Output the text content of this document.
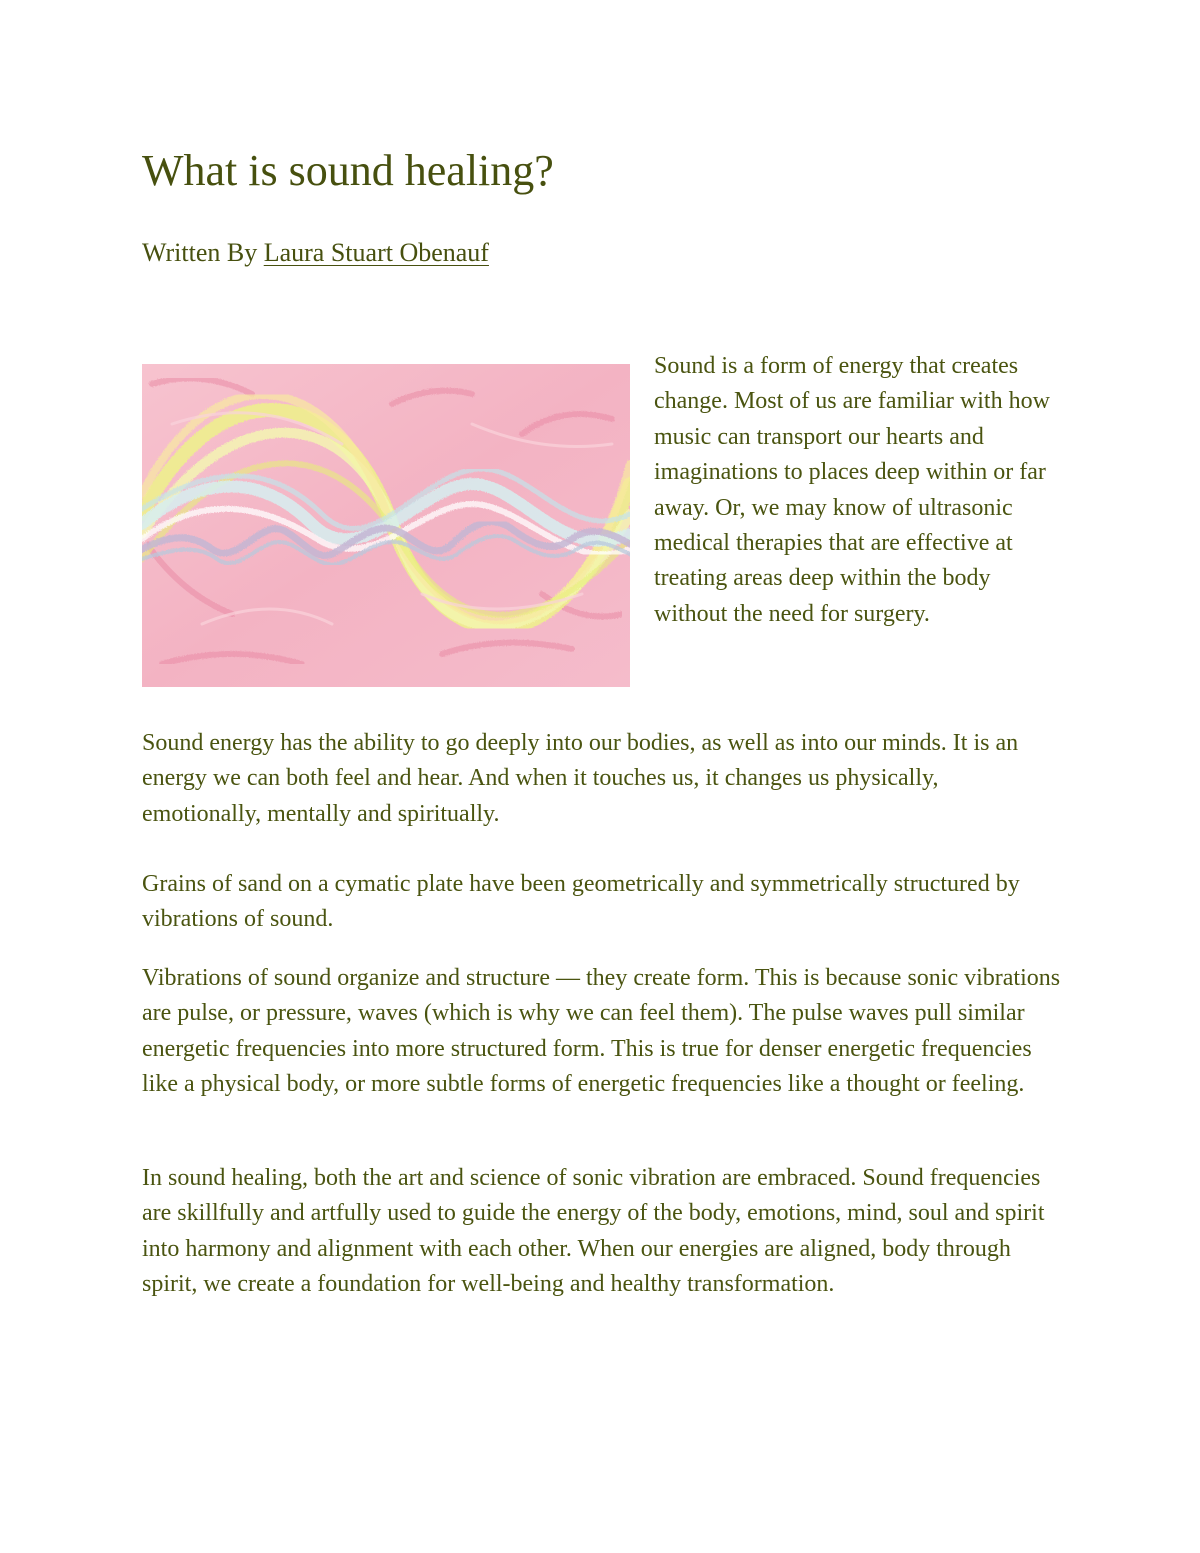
What is sound healing?
Written By Laura Stuart Obenauf

Sound is a form of energy that creates change. Most of us are familiar with how music can transport our hearts and imaginations to places deep within or far away. Or, we may know of ultrasonic medical therapies that are effective at treating areas deep within the body without the need for surgery.

Sound energy has the ability to go deeply into our bodies, as well as into our minds. It is an energy we can both feel and hear. And when it touches us, it changes us physically, emotionally, mentally and spiritually.

Grains of sand on a cymatic plate have been geometrically and symmetrically structured by vibrations of sound.

Vibrations of sound organize and structure — they create form. This is because sonic vibrations are pulse, or pressure, waves (which is why we can feel them). The pulse waves pull similar energetic frequencies into more structured form. This is true for denser energetic frequencies like a physical body, or more subtle forms of energetic frequencies like a thought or feeling.

In sound healing, both the art and science of sonic vibration are embraced. Sound frequencies are skillfully and artfully used to guide the energy of the body, emotions, mind, soul and spirit into harmony and alignment with each other. When our energies are aligned, body through spirit, we create a foundation for well-being and healthy transformation.
